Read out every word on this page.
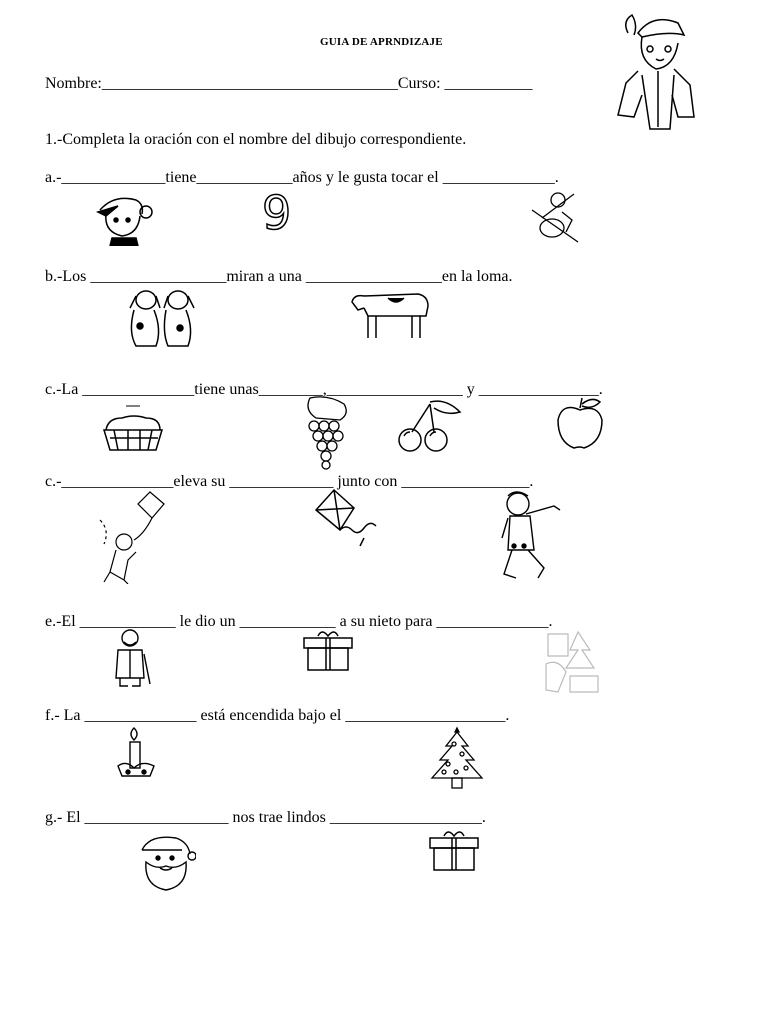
GUIA DE APRNDIZAJE
Nombre:_____________________________________Curso: ___________
1.-Completa la oración con el nombre del dibujo correspondiente.
a.-_____________tiene____________años y le gusta tocar el ______________.
b.-Los _________________miran a una _________________en la loma.
c.-La ______________tiene unas________,_________________ y _______________.
c.-______________eleva su _____________ junto con ________________.
e.-El ____________ le dio un ____________ a su nieto para ______________.
f.- La ______________ está encendida bajo el ____________________.
g.- El __________________ nos trae lindos ___________________.
9
